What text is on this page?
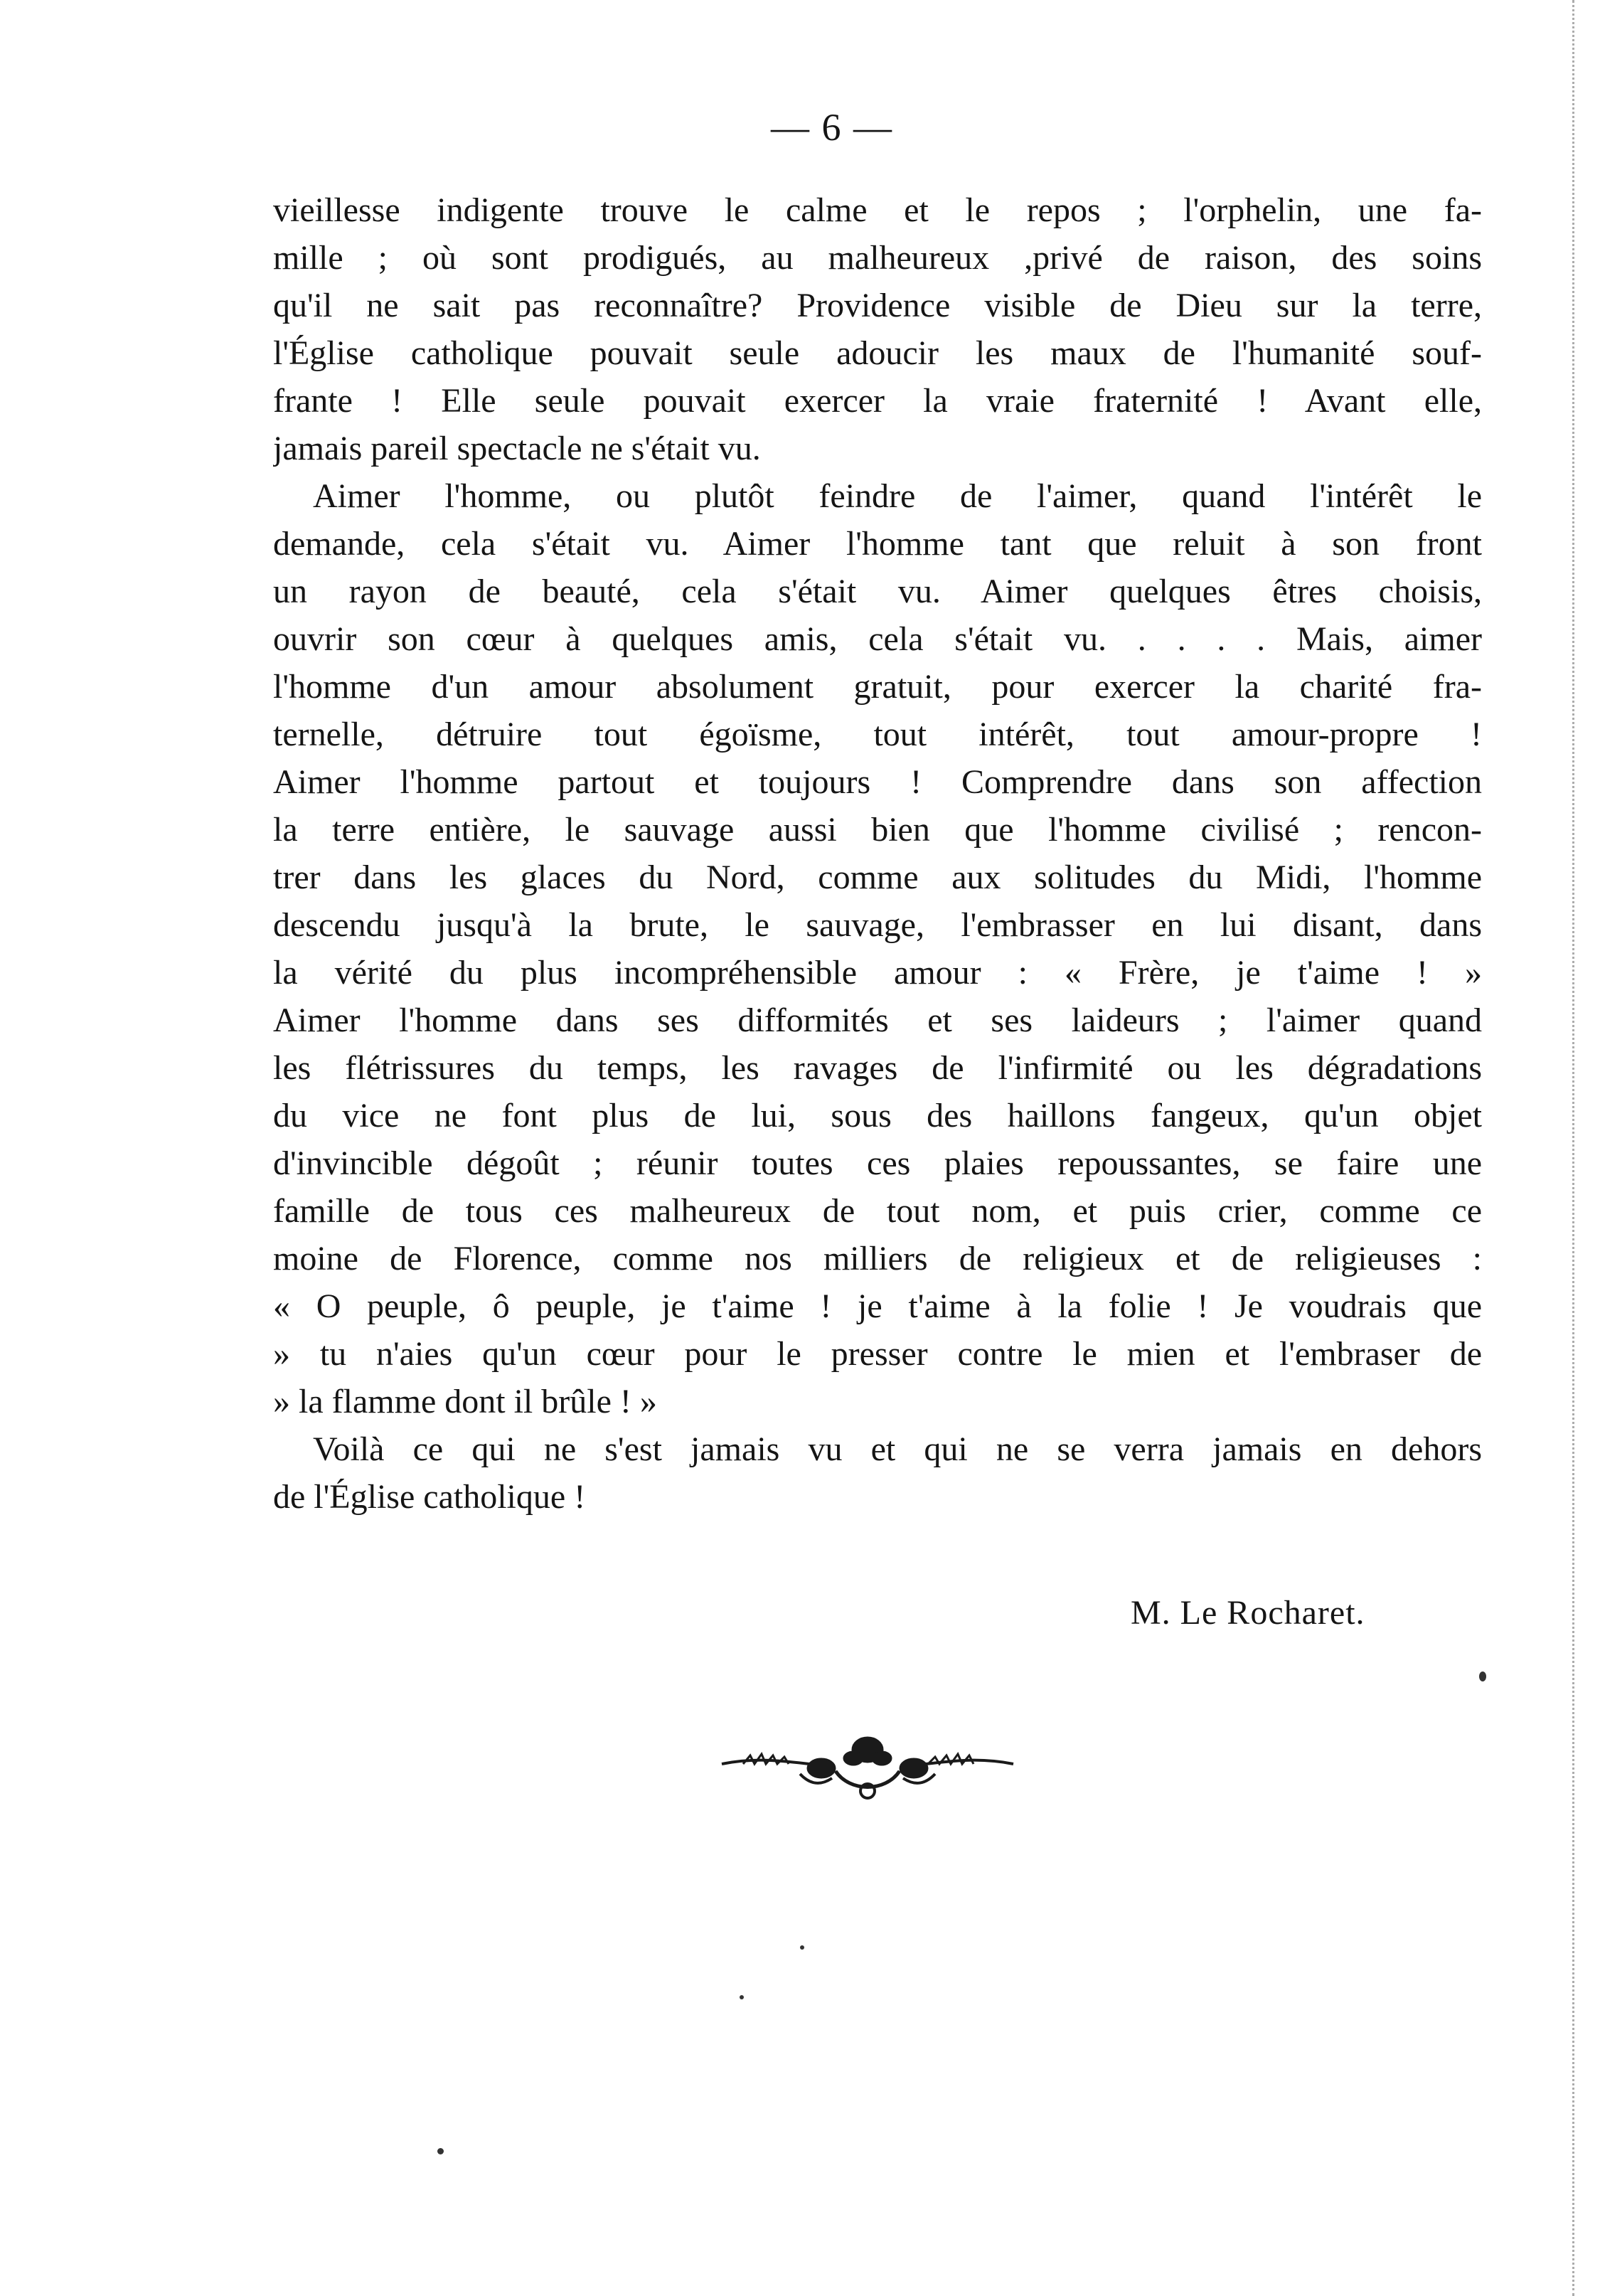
— 6 —
vieillesse indigente trouve le calme et le repos ; l'orphelin, une fa-
mille ; où sont prodigués, au malheureux ,privé de raison, des soins
qu'il ne sait pas reconnaître? Providence visible de Dieu sur la terre,
l'Église catholique pouvait seule adoucir les maux de l'humanité souf-
frante ! Elle seule pouvait exercer la vraie fraternité ! Avant elle,
jamais pareil spectacle ne s'était vu.
Aimer l'homme, ou plutôt feindre de l'aimer, quand l'intérêt le
demande, cela s'était vu. Aimer l'homme tant que reluit à son front
un rayon de beauté, cela s'était vu. Aimer quelques êtres choisis,
ouvrir son cœur à quelques amis, cela s'était vu. . . . . Mais, aimer
l'homme d'un amour absolument gratuit, pour exercer la charité fra-
ternelle, détruire tout égoïsme, tout intérêt, tout amour-propre !
Aimer l'homme partout et toujours ! Comprendre dans son affection
la terre entière, le sauvage aussi bien que l'homme civilisé ; rencon-
trer dans les glaces du Nord, comme aux solitudes du Midi, l'homme
descendu jusqu'à la brute, le sauvage, l'embrasser en lui disant, dans
la vérité du plus incompréhensible amour : « Frère, je t'aime ! »
Aimer l'homme dans ses difformités et ses laideurs ; l'aimer quand
les flétrissures du temps, les ravages de l'infirmité ou les dégradations
du vice ne font plus de lui, sous des haillons fangeux, qu'un objet
d'invincible dégoût ; réunir toutes ces plaies repoussantes, se faire une
famille de tous ces malheureux de tout nom, et puis crier, comme ce
moine de Florence, comme nos milliers de religieux et de religieuses :
« O peuple, ô peuple, je t'aime ! je t'aime à la folie ! Je voudrais que
» tu n'aies qu'un cœur pour le presser contre le mien et l'embraser de
» la flamme dont il brûle ! »
Voilà ce qui ne s'est jamais vu et qui ne se verra jamais en dehors
de l'Église catholique !
M. Le Rocharet.
